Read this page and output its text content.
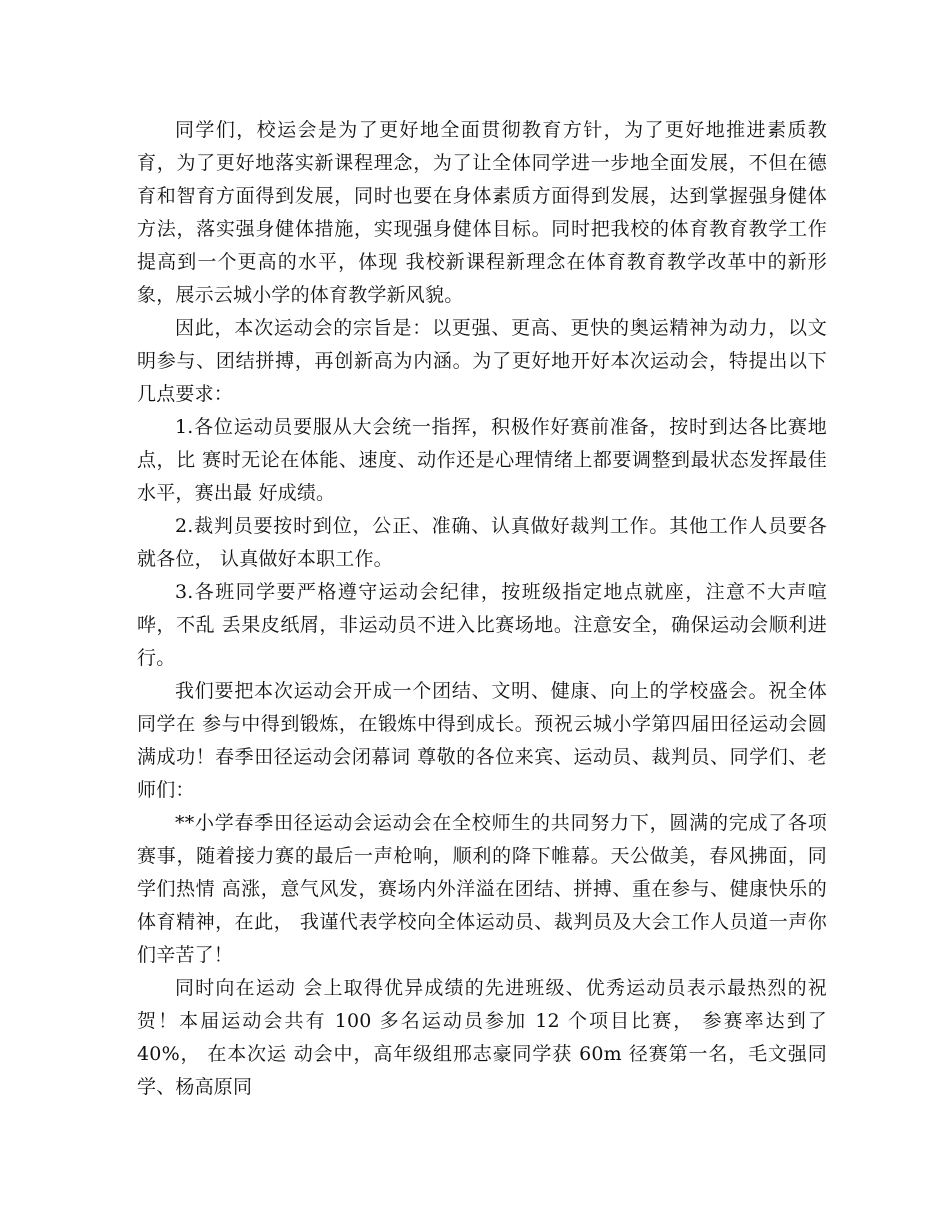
同学们，校运会是为了更好地全面贯彻教育方针，为了更好地推进素质教育，为了更好地落实新课程理念，为了让全体同学进一步地全面发展，不但在德育和智育方面得到发展，同时也要在身体素质方面得到发展，达到掌握强身健体方法，落实强身健体措施，实现强身健体目标。同时把我校的体育教育教学工作提高到一个更高的水平，体现 我校新课程新理念在体育教育教学改革中的新形象，展示云城小学的体育教学新风貌。

因此，本次运动会的宗旨是：以更强、更高、更快的奥运精神为动力，以文明参与、团结拼搏，再创新高为内涵。为了更好地开好本次运动会，特提出以下几点要求：

1.各位运动员要服从大会统一指挥，积极作好赛前准备，按时到达各比赛地点，比 赛时无论在体能、速度、动作还是心理情绪上都要调整到最状态发挥最佳水平，赛出最 好成绩。

2.裁判员要按时到位，公正、准确、认真做好裁判工作。其他工作人员要各就各位， 认真做好本职工作。

3.各班同学要严格遵守运动会纪律，按班级指定地点就座，注意不大声喧哗，不乱 丢果皮纸屑，非运动员不进入比赛场地。注意安全，确保运动会顺利进行。

我们要把本次运动会开成一个团结、文明、健康、向上的学校盛会。祝全体同学在 参与中得到锻炼，在锻炼中得到成长。预祝云城小学第四届田径运动会圆满成功！春季田径运动会闭幕词 尊敬的各位来宾、运动员、裁判员、同学们、老师们：

**小学春季田径运动会运动会在全校师生的共同努力下，圆满的完成了各项赛事，随着接力赛的最后一声枪响，顺利的降下帷幕。天公做美，春风拂面，同学们热情 高涨，意气风发，赛场内外洋溢在团结、拼搏、重在参与、健康快乐的体育精神，在此， 我谨代表学校向全体运动员、裁判员及大会工作人员道一声你们辛苦了！

同时向在运动 会上取得优异成绩的先进班级、优秀运动员表示最热烈的祝贺！本届运动会共有 100 多名运动员参加 12 个项目比赛， 参赛率达到了 40%， 在本次运 动会中，高年级组邢志豪同学获 60m 径赛第一名，毛文强同学、杨高原同
